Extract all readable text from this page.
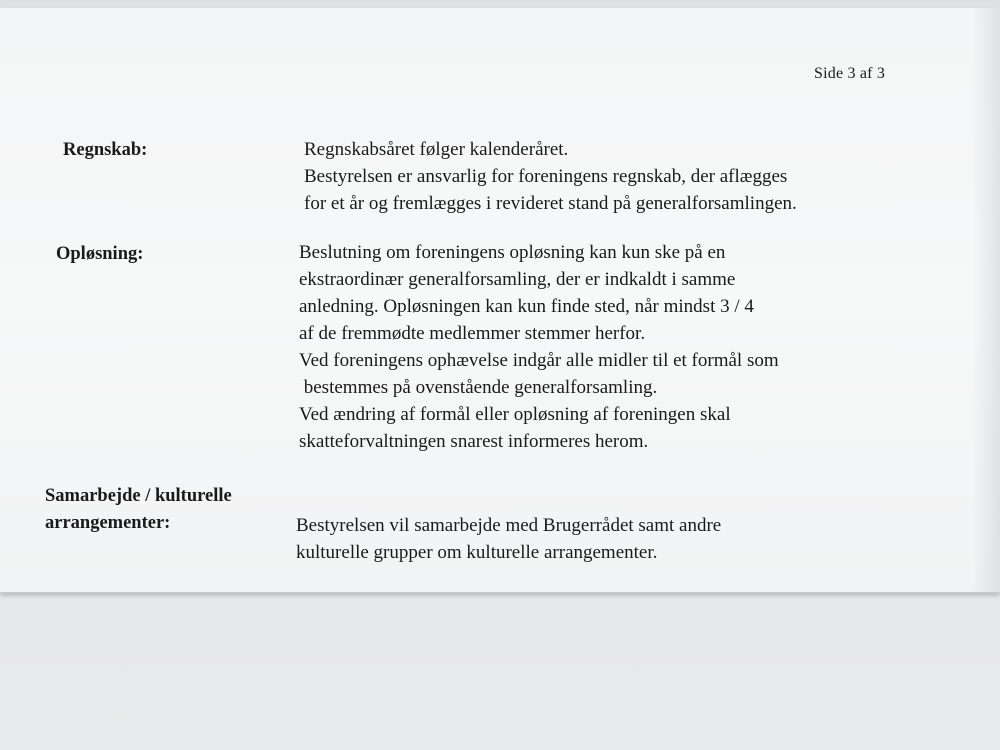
Side 3 af 3
Regnskab:	Regnskabsåret følger kalenderåret.
Bestyrelsen er ansvarlig for foreningens regnskab, der aflægges
for et år og fremlægges i revideret stand på generalforsamlingen.
Opløsning:	Beslutning om foreningens opløsning kan kun ske på en
ekstraordinær generalforsamling, der er indkaldt i samme
anledning. Opløsningen kan kun finde sted, når mindst 3 / 4
af de fremmødte medlemmer stemmer herfor.
Ved foreningens ophævelse indgår alle midler til et formål som
bestemmes på ovenstående generalforsamling.
Ved ændring af formål eller opløsning af foreningen skal
skatteforvaltningen snarest informeres herom.
Samarbejde / kulturelle
arrangementer:	Bestyrelsen vil samarbejde med Brugerrådet samt andre
kulturelle grupper om kulturelle arrangementer.
